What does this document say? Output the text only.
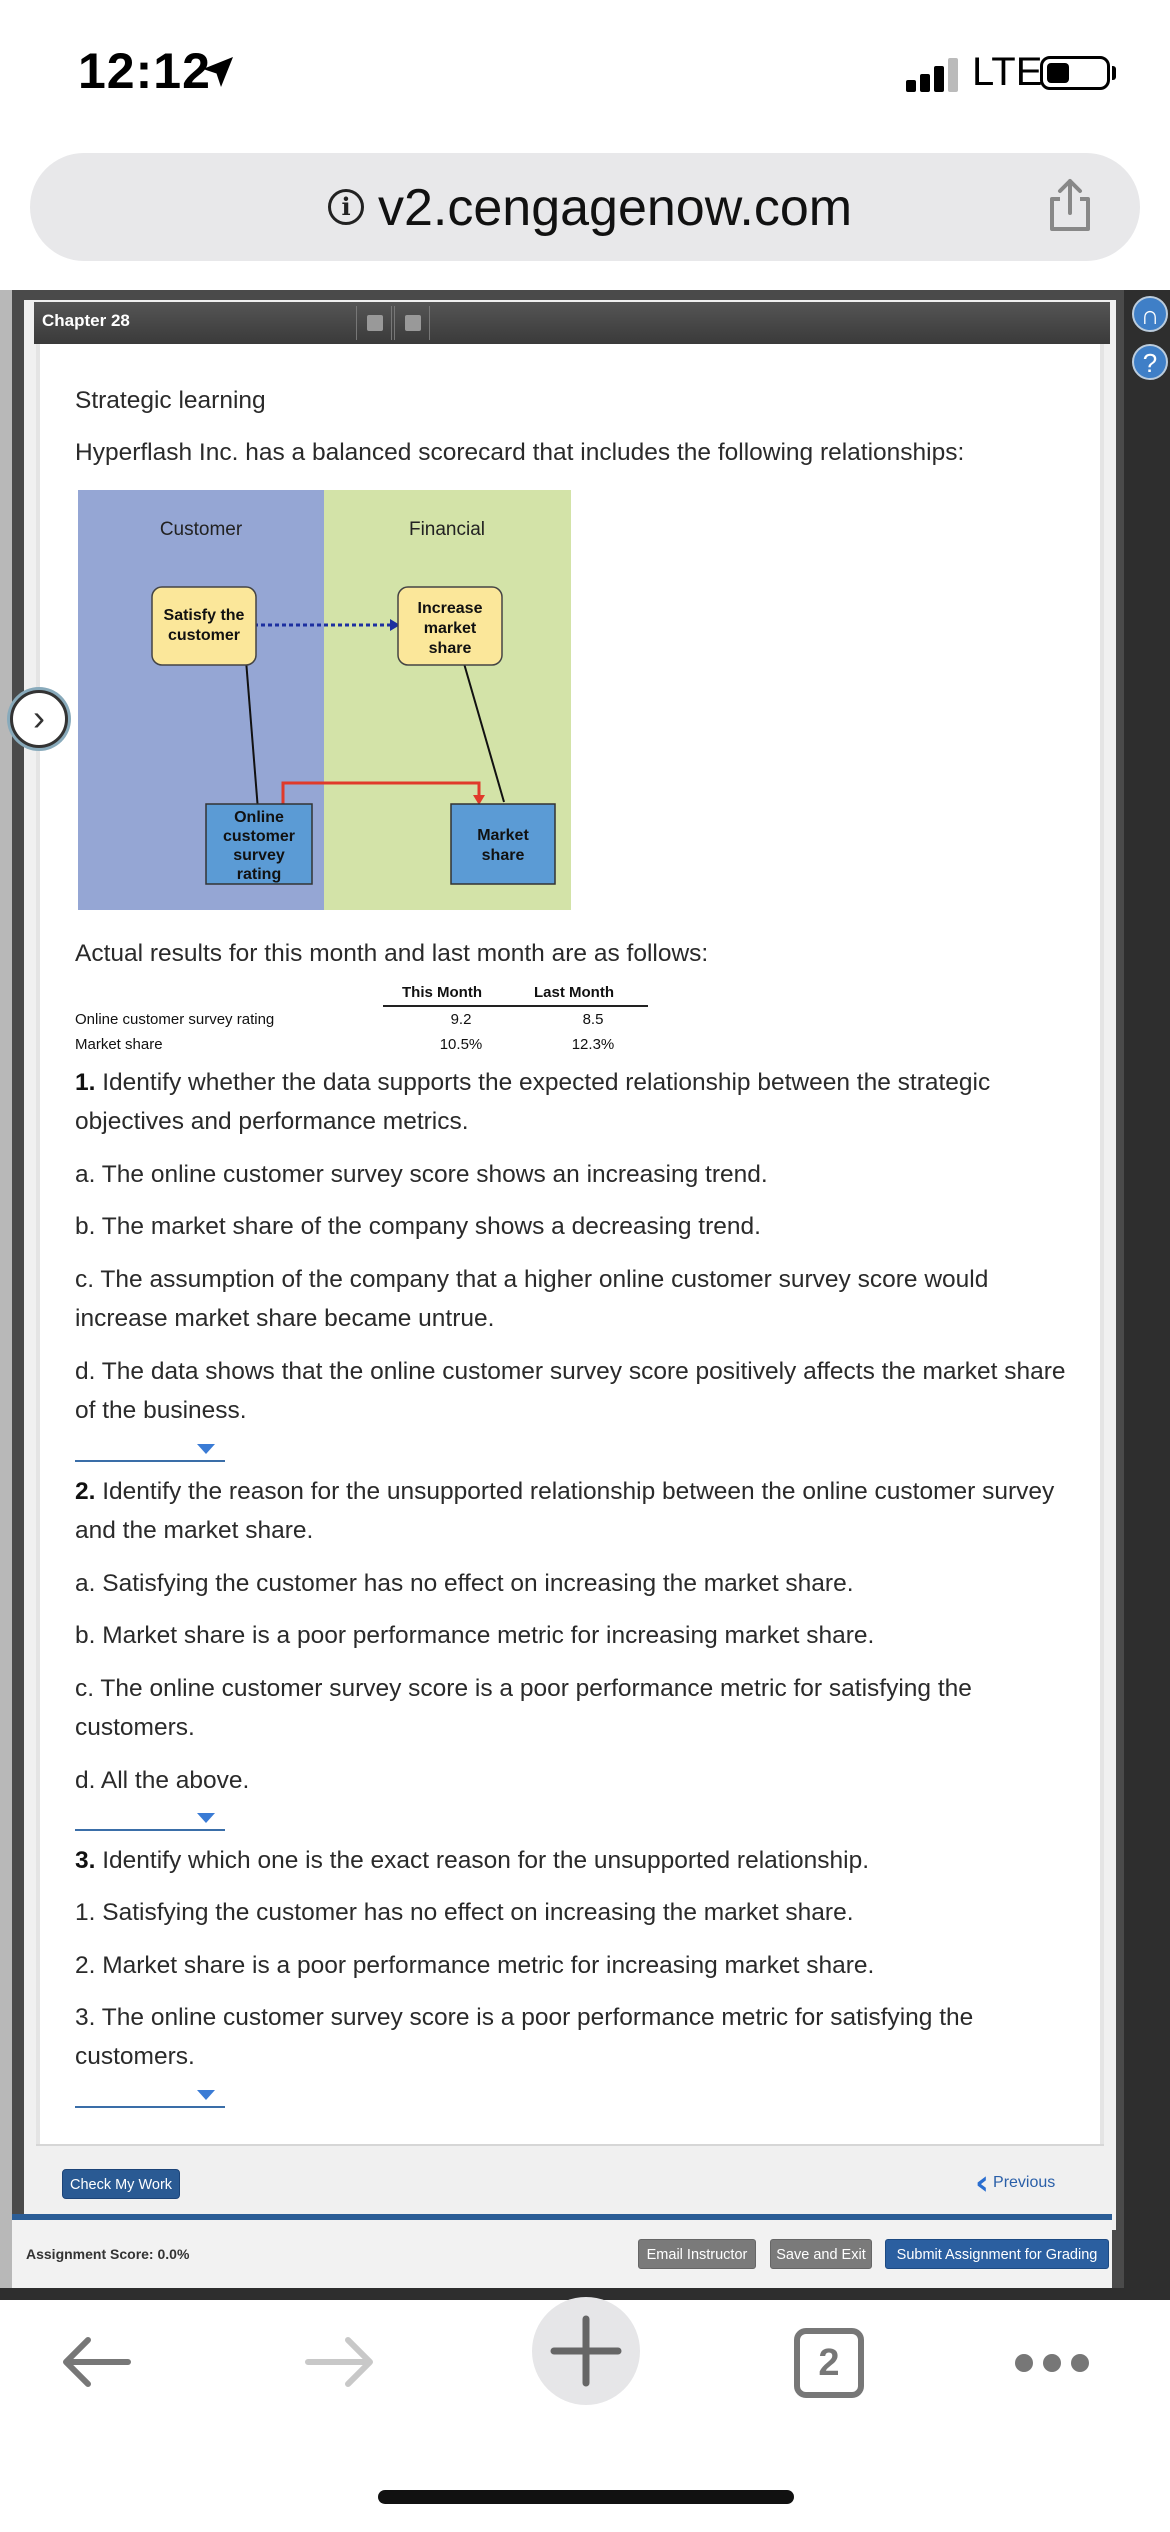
12:12	LTE
i v2.cengagenow.com
∩
?
Chapter 28
›
Strategic learning
Hyperflash Inc. has a balanced scorecard that includes the following relationships:
Customer	Financial
Satisfy the
customer
Increase
market
share
Online
customer
survey
rating
Market
share
Actual results for this month and last month are as follows:
This Month	Last Month
Online customer survey rating	9.2	8.5
Market share	10.5%	12.3%
1. Identify whether the data supports the expected relationship between the strategic objectives and performance metrics.
a. The online customer survey score shows an increasing trend.
b. The market share of the company shows a decreasing trend.
c. The assumption of the company that a higher online customer survey score would increase market share became untrue.
d. The data shows that the online customer survey score positively affects the market share of the business.
2. Identify the reason for the unsupported relationship between the online customer survey and the market share.
a. Satisfying the customer has no effect on increasing the market share.
b. Market share is a poor performance metric for increasing market share.
c. The online customer survey score is a poor performance metric for satisfying the customers.
d. All the above.
3. Identify which one is the exact reason for the unsupported relationship.
1. Satisfying the customer has no effect on increasing the market share.
2. Market share is a poor performance metric for increasing market share.
3. The online customer survey score is a poor performance metric for satisfying the customers.
Check My Work	‹ Previous
Assignment Score: 0.0%	Email Instructor	Save and Exit	Submit Assignment for Grading
2
